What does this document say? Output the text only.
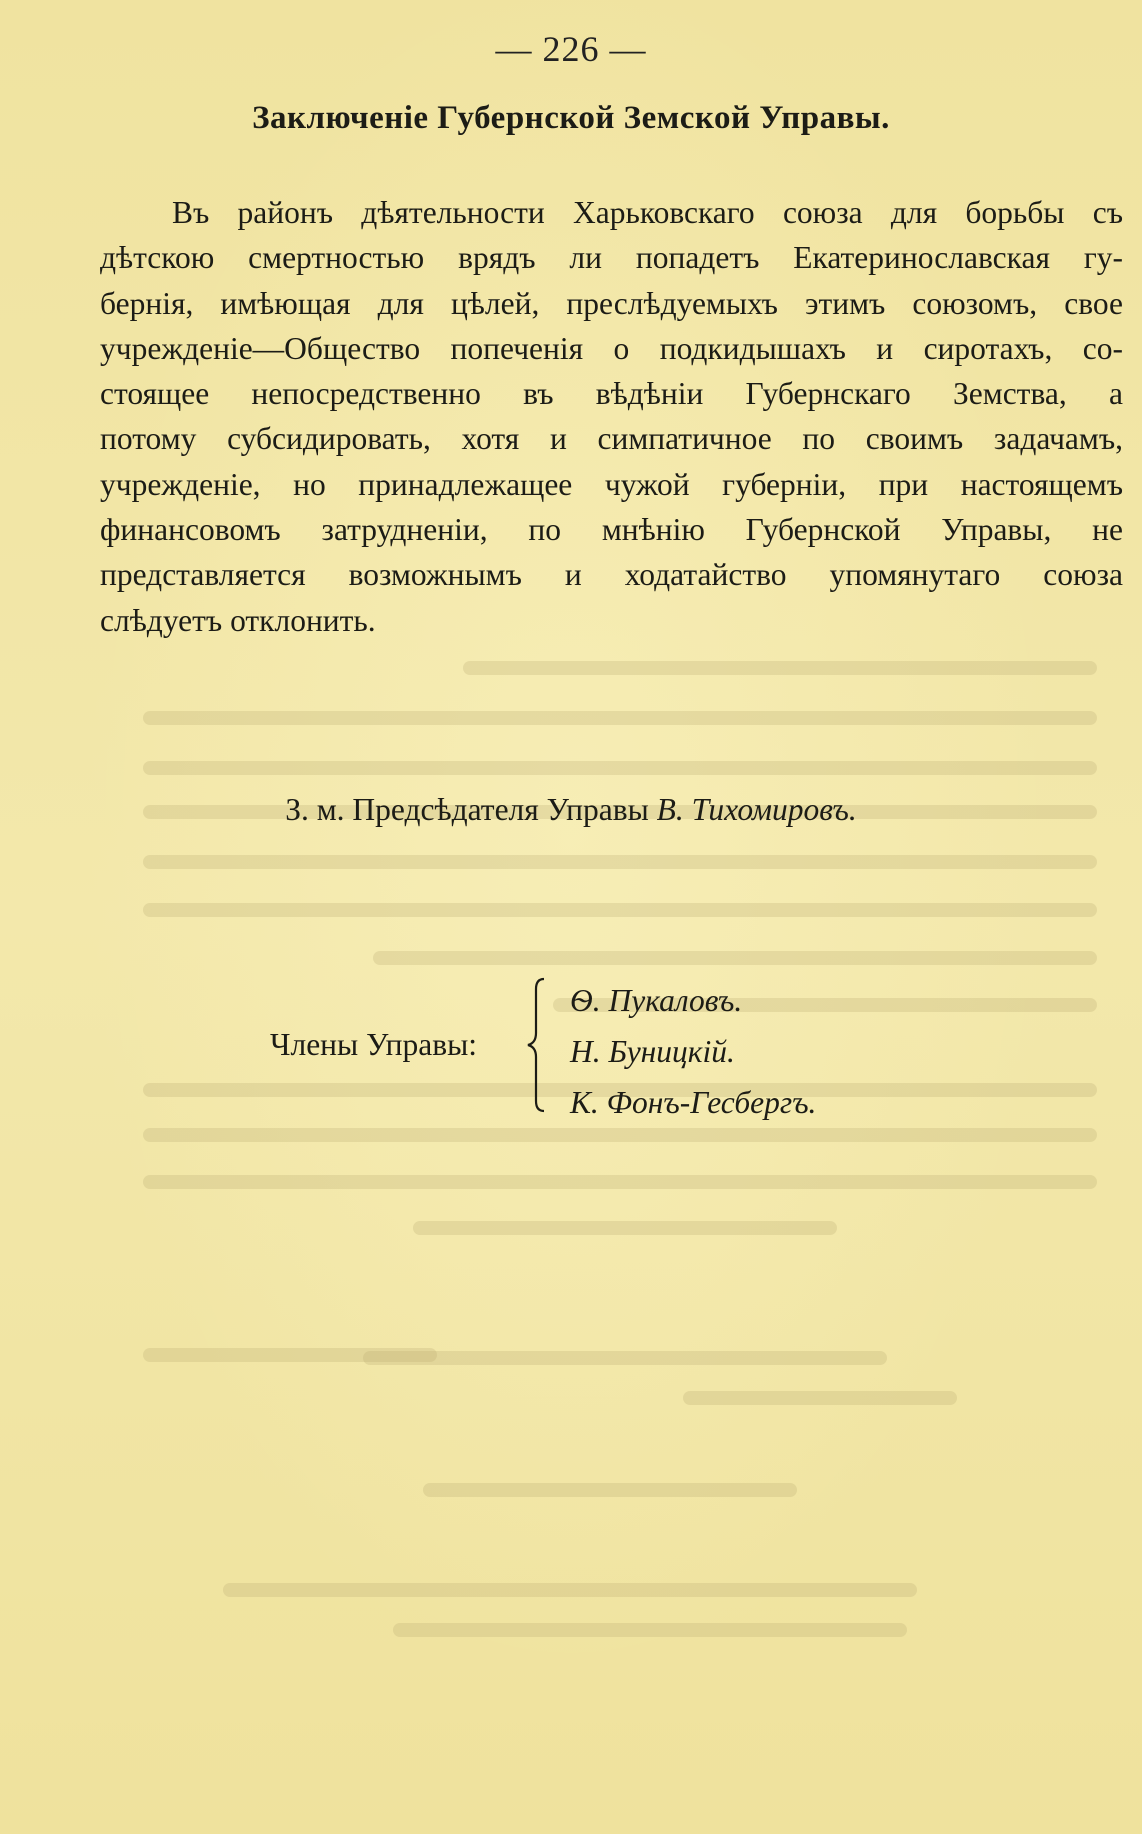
— 226 —
Заключеніе Губернской Земской Управы.
Въ районъ дѣятельности Харьковскаго союза для борьбы съ
дѣтскою смертностью врядъ ли попадетъ Екатеринославская гу-
бернія, имѣющая для цѣлей, преслѣдуемыхъ этимъ союзомъ, свое
учрежденіе—Общество попеченія о подкидышахъ и сиротахъ, со-
стоящее непосредственно въ вѣдѣніи Губернскаго Земства, а
потому субсидировать, хотя и симпатичное по своимъ задачамъ,
учрежденіе, но принадлежащее чужой губерніи, при настоящемъ
финансовомъ затрудненіи, по мнѣнію Губернской Управы, не
представляется возможнымъ и ходатайство упомянутаго союза
слѣдуетъ отклонить.
З. м. Предсѣдателя Управы В. Тихомировъ.
Члены Управы:
Ѳ. Пукаловъ.
Н. Буницкій.
К. Фонъ-Гесбергъ.
